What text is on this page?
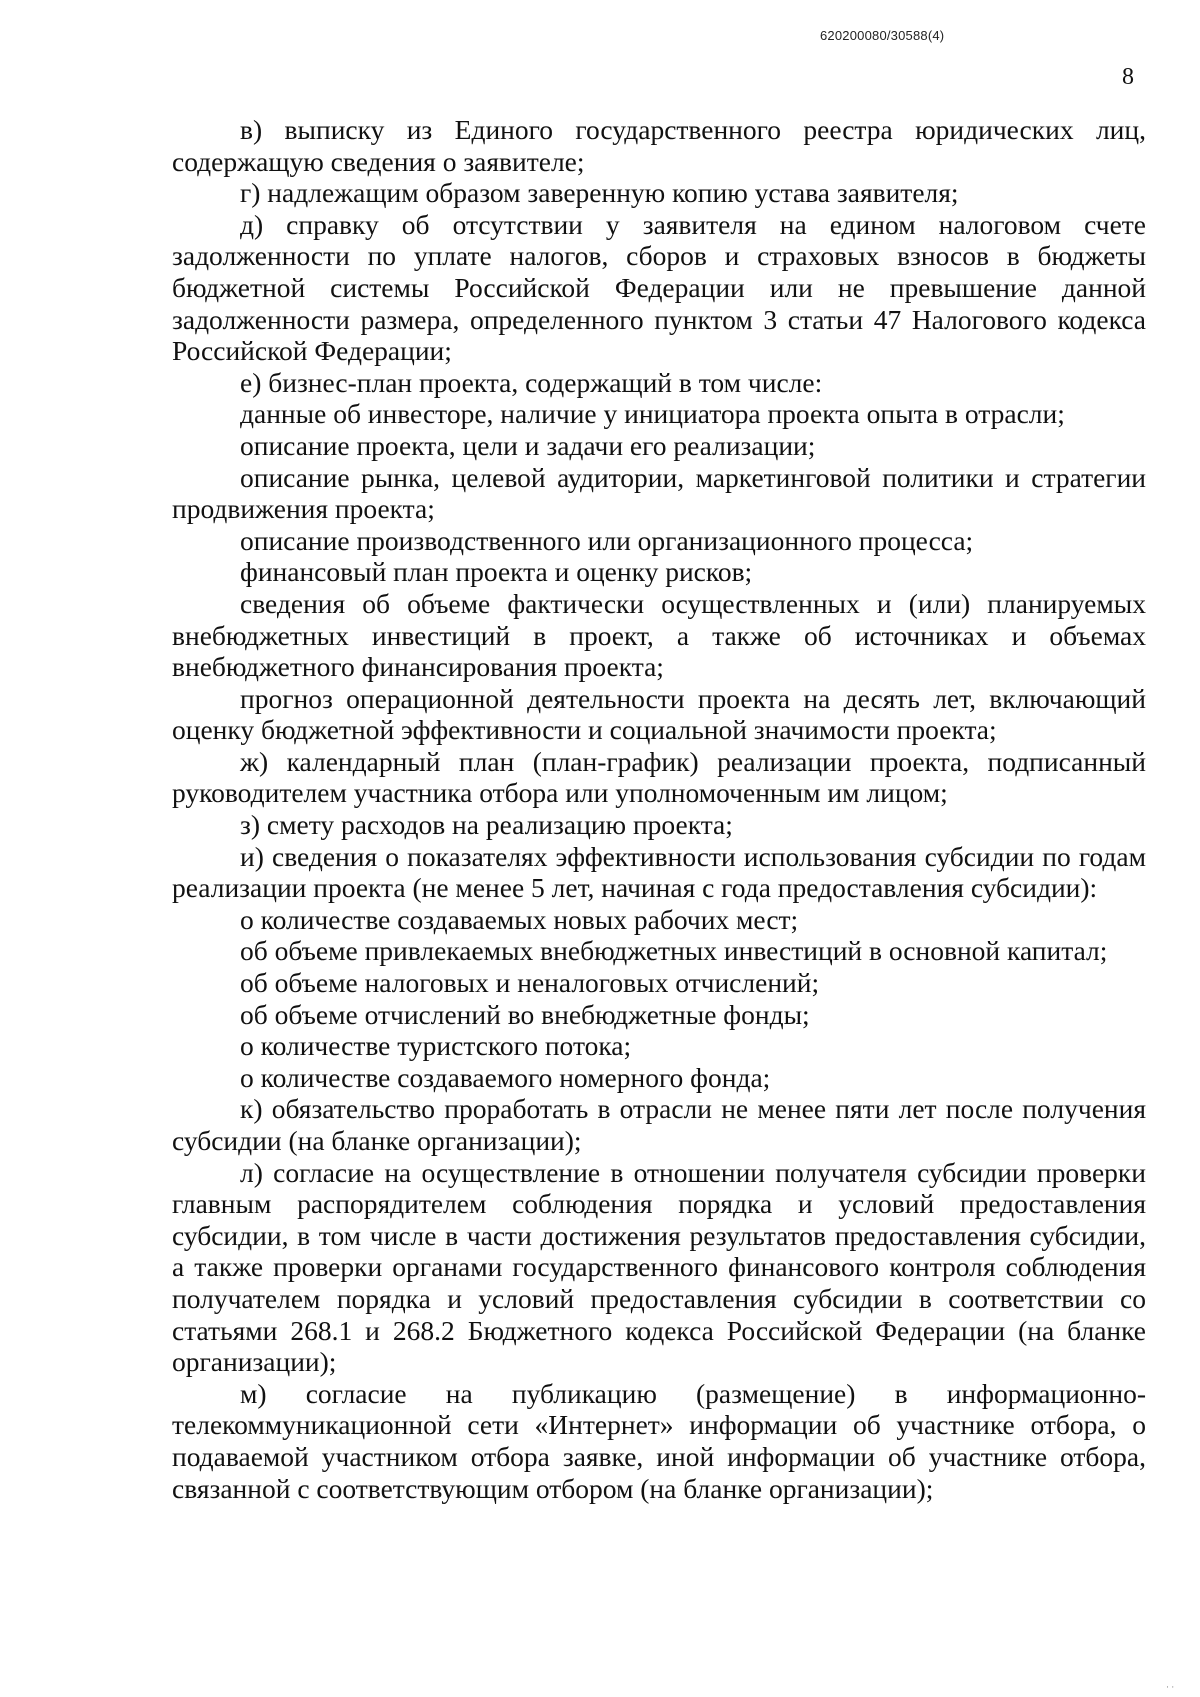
620200080/30588(4)
8

в) выписку из Единого государственного реестра юридических лиц, содержащую сведения о заявителе;

г) надлежащим образом заверенную копию устава заявителя;

д) справку об отсутствии у заявителя на едином налоговом счете задолженности по уплате налогов, сборов и страховых взносов в бюджеты бюджетной системы Российской Федерации или не превышение данной задолженности размера, определенного пунктом 3 статьи 47 Налогового кодекса Российской Федерации;

е) бизнес-план проекта, содержащий в том числе:

данные об инвесторе, наличие у инициатора проекта опыта в отрасли;

описание проекта, цели и задачи его реализации;

описание рынка, целевой аудитории, маркетинговой политики и стратегии продвижения проекта;

описание производственного или организационного процесса;

финансовый план проекта и оценку рисков;

сведения об объеме фактически осуществленных и (или) планируемых внебюджетных инвестиций в проект, а также об источниках и объемах внебюджетного финансирования проекта;

прогноз операционной деятельности проекта на десять лет, включающий оценку бюджетной эффективности и социальной значимости проекта;

ж) календарный план (план-график) реализации проекта, подписанный руководителем участника отбора или уполномоченным им лицом;

з) смету расходов на реализацию проекта;

и) сведения о показателях эффективности использования субсидии по годам реализации проекта (не менее 5 лет, начиная с года предоставления субсидии):

о количестве создаваемых новых рабочих мест;

об объеме привлекаемых внебюджетных инвестиций в основной капитал;

об объеме налоговых и неналоговых отчислений;

об объеме отчислений во внебюджетные фонды;

о количестве туристского потока;

о количестве создаваемого номерного фонда;

к) обязательство проработать в отрасли не менее пяти лет после получения субсидии (на бланке организации);

л) согласие на осуществление в отношении получателя субсидии проверки главным распорядителем соблюдения порядка и условий предоставления субсидии, в том числе в части достижения результатов предоставления субсидии, а также проверки органами государственного финансового контроля соблюдения получателем порядка и условий предоставления субсидии в соответствии со статьями 268.1 и 268.2 Бюджетного кодекса Российской Федерации (на бланке организации);

м) согласие на публикацию (размещение) в информационно-телекоммуникационной сети «Интернет» информации об участнике отбора, о подаваемой участником отбора заявке, иной информации об участнике отбора, связанной с соответствующим отбором (на бланке организации);

· ·
